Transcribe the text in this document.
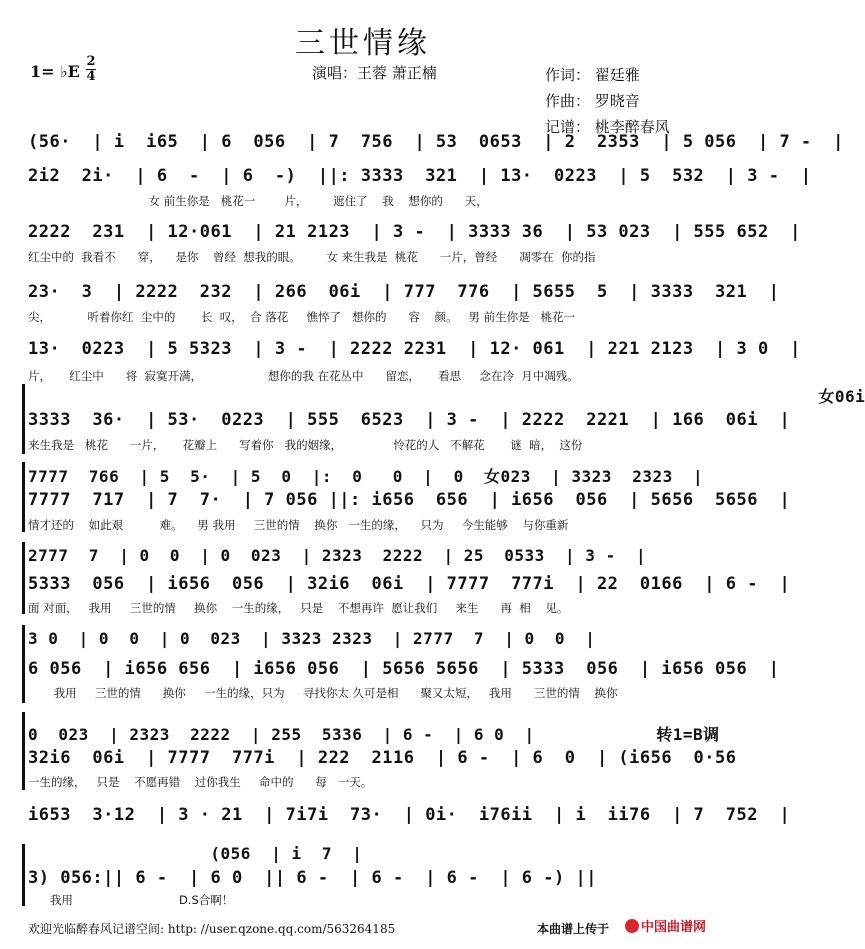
三世情缘
1= ♭E
2
4	演唱：王蓉 萧正楠	作词： 翟廷雅
作曲： 罗晓音
记谱： 桃李醉春风
(56·  | i  i65  | 6  056  | 7  756  | 53  0653  | 2  2353  | 5 056  | 7 -  |
2i2  2i·  | 6  -  | 6  -)  ||: 3333  321  | 13·  0223  | 5  532  | 3 -  |
女 前生你是   桃花一        片，       遮住了    我    想你的      天，
2222  231  | 12·061  | 21 2123  | 3 -  | 3333 36  | 53 023  | 555 652  |
红尘中的  我看不      穿，    是你    曾经  想我的眼。       女 来生我是  桃花      一片，曾经      凋零在  你的指
23·  3  | 2222  232  | 266  06i  | 777  776  | 5655  5  | 3333  321  |
尖，          听着你红  尘中的       长  叹，  合 落花     憔悴了   想你的      容    颜。   男 前生你是   桃花一
13·  0223  | 5 5323  | 3 -  | 2222 2231  | 12· 061  | 221 2123  | 3 0  |
片，     红尘中      将  寂寞开满，                  想你的我 在花丛中      留恋，     看思     念在冷  月中凋残。
女06i
3333  36·  | 53·  0223  | 555  6523  | 3 -  | 2222  2221  | 166  06i  |
来生我是   桃花      一片，     花瓣上      写着你   我的姻缘，              怜花的人   不解花       谜  暗，  这份
7777  766  | 5  5·  | 5  0  |:  0   0  |  0  女023  | 3323  2323  |
7777  717  | 7  7·  | 7 056 ||: i656  656  | i656  056  | 5656  5656  |
情才还的    如此艰          难。    男 我用     三世的情    换你   一生的缘，    只为     今生能够    与你重新
2777  7  | 0  0  | 0  023  | 2323  2222  | 25  0533  | 3 -  |
5333  056  | i656  056  | 32i6  06i  | 7777  777i  | 22  0166  | 6 -  |
面 对面，   我用     三世的情     换你    一生的缘，   只是    不想再许  愿让我们     来生      再  相    见。
3 0  | 0  0  | 0  023  | 3323 2323  | 2777  7  | 0  0  |
6 056  | i656 656  | i656 056  | 5656 5656  | 5333  056  | i656 056  |
我用     三世的情      换你     一生的缘，只为     寻找你太 久可是相      聚又太短，   我用      三世的情    换你
0  023  | 2323  2222  | 255  5336  | 6 -  | 6 0  |            转1=B调
32i6  06i  | 7777  777i  | 222  2116  | 6 -  | 6  0  | (i656  0·56
一生的缘，   只是    不愿再错    过你我生     命中的      每   一天。
i653  3·12  | 3 · 21  | 7i7i  73·  | 0i·  i76ii  | i  ii76  | 7  752  |
(056  | i  7  |
3) 056:|| 6 -  | 6 0  || 6 -  | 6 -  | 6 -  | 6 -) ||
我用                             D.S合啊！
欢迎光临醉春风记谱空间: http: //user.qzone.qq.com/563264185	本曲谱上传于	中国曲谱网
